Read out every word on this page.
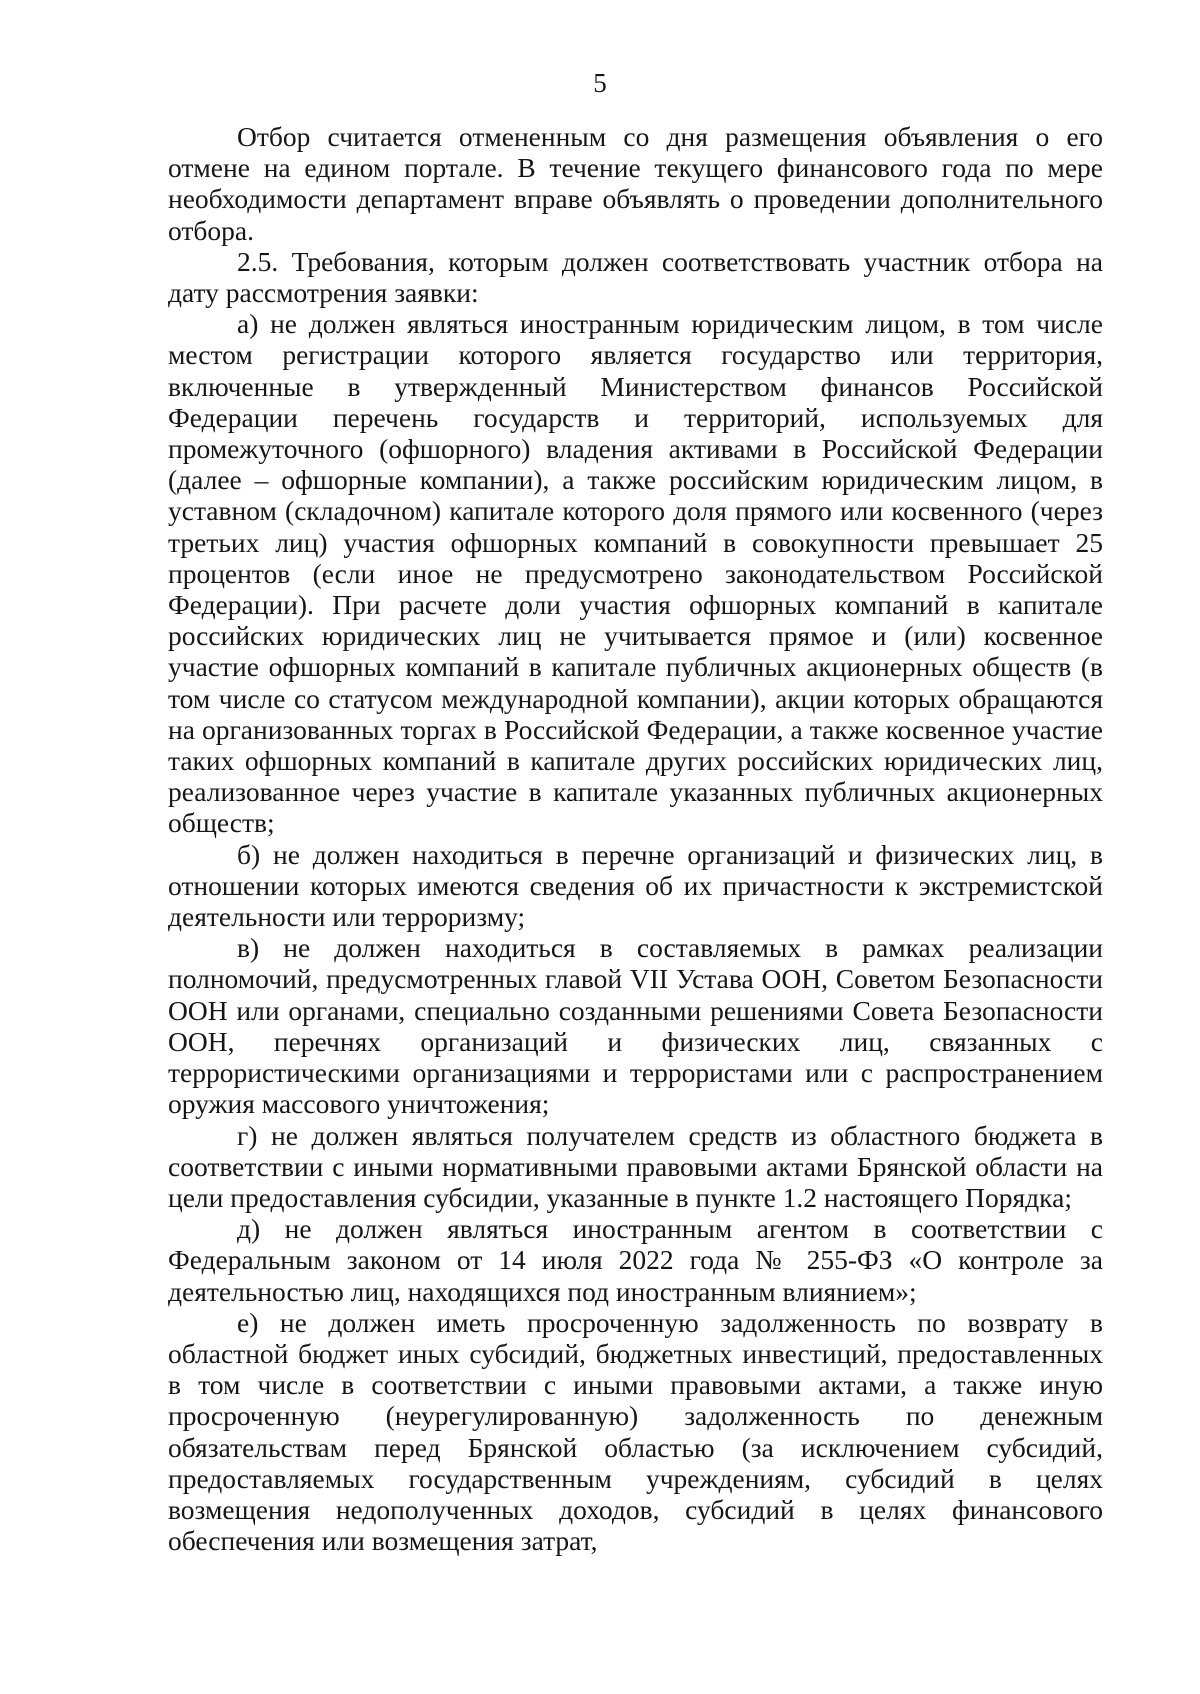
5

Отбор считается отмененным со дня размещения объявления о его отмене на едином портале. В течение текущего финансового года по мере необходимости департамент вправе объявлять о проведении дополнительного отбора.

2.5. Требования, которым должен соответствовать участник отбора на дату рассмотрения заявки:

а) не должен являться иностранным юридическим лицом, в том числе местом регистрации которого является государство или территория, включенные в утвержденный Министерством финансов Российской Федерации перечень государств и территорий, используемых для промежуточного (офшорного) владения активами в Российской Федерации (далее – офшорные компании), а также российским юридическим лицом, в уставном (складочном) капитале которого доля прямого или косвенного (через третьих лиц) участия офшорных компаний в совокупности превышает 25 процентов (если иное не предусмотрено законодательством Российской Федерации). При расчете доли участия офшорных компаний в капитале российских юридических лиц не учитывается прямое и (или) косвенное участие офшорных компаний в капитале публичных акционерных обществ (в том числе со статусом международной компании), акции которых обращаются на организованных торгах в Российской Федерации, а также косвенное участие таких офшорных компаний в капитале других российских юридических лиц, реализованное через участие в капитале указанных публичных акционерных обществ;

б) не должен находиться в перечне организаций и физических лиц, в отношении которых имеются сведения об их причастности к экстремистской деятельности или терроризму;

в) не должен находиться в составляемых в рамках реализации полномочий, предусмотренных главой VII Устава ООН, Советом Безопасности ООН или органами, специально созданными решениями Совета Безопасности ООН, перечнях организаций и физических лиц, связанных с террористическими организациями и террористами или с распространением оружия массового уничтожения;

г) не должен являться получателем средств из областного бюджета в соответствии с иными нормативными правовыми актами Брянской области на цели предоставления субсидии, указанные в пункте 1.2 настоящего Порядка;

д) не должен являться иностранным агентом в соответствии с Федеральным законом от 14 июля 2022 года № 255-ФЗ «О контроле за деятельностью лиц, находящихся под иностранным влиянием»;

е) не должен иметь просроченную задолженность по возврату в областной бюджет иных субсидий, бюджетных инвестиций, предоставленных в том числе в соответствии с иными правовыми актами, а также иную просроченную (неурегулированную) задолженность по денежным обязательствам перед Брянской областью (за исключением субсидий, предоставляемых государственным учреждениям, субсидий в целях возмещения недополученных доходов, субсидий в целях финансового обеспечения или возмещения затрат,
